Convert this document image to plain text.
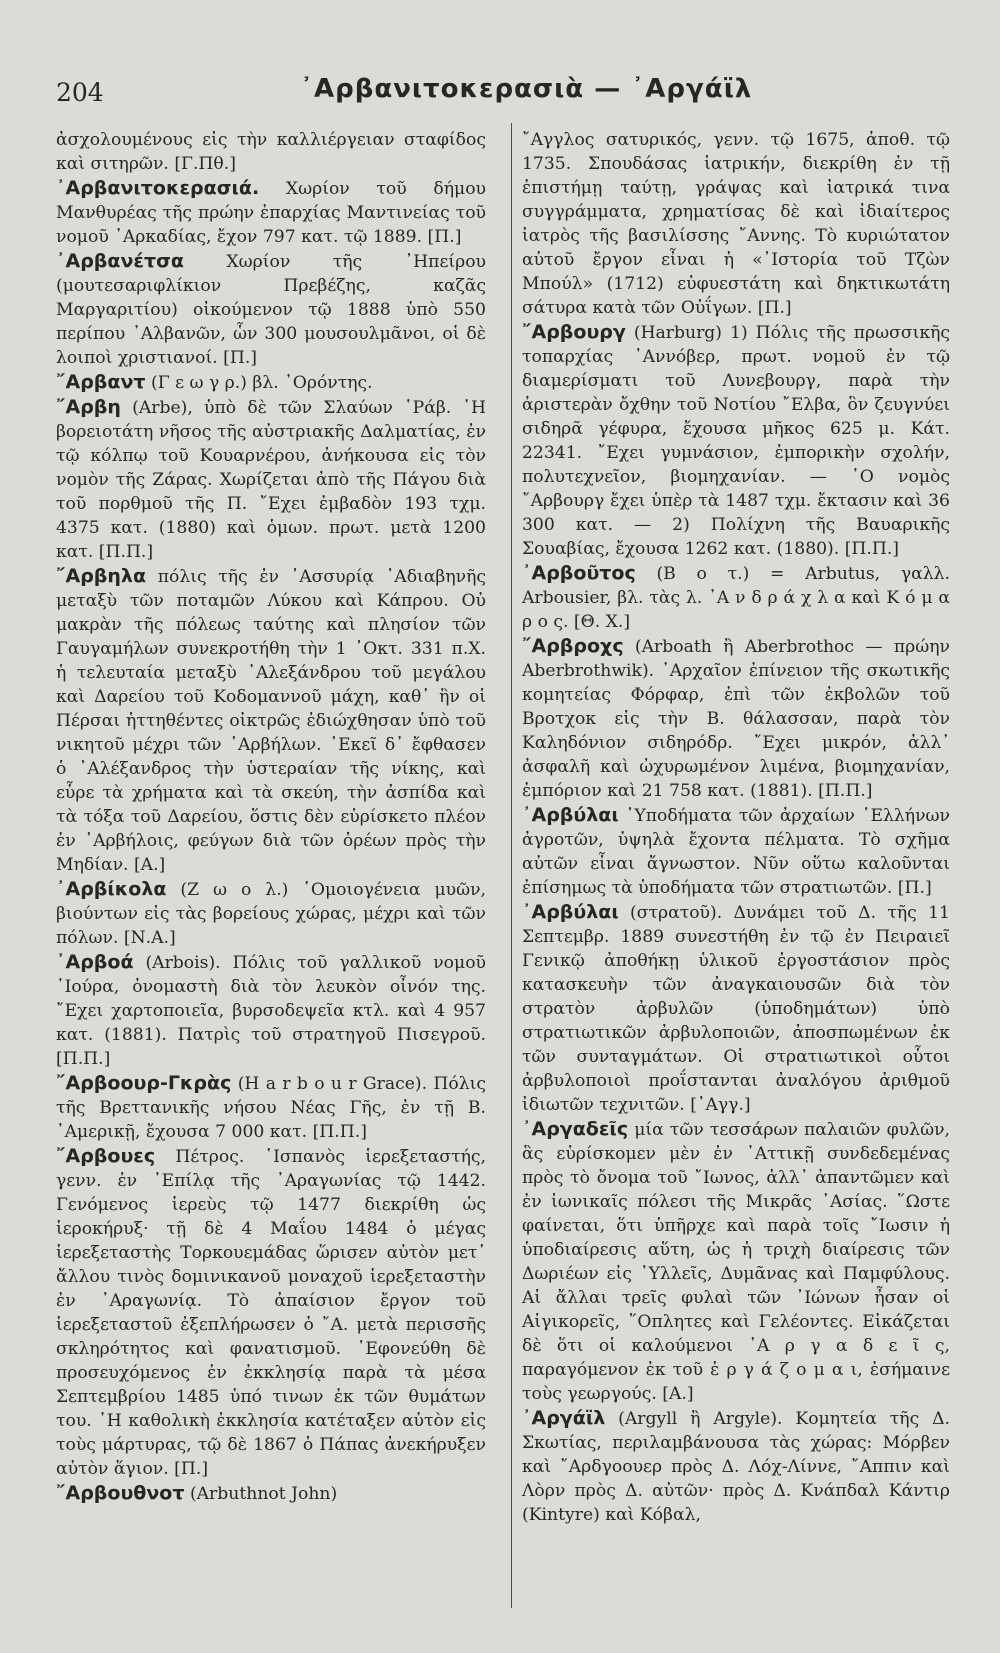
204	᾿Αρβανιτοκερασιὰ — ᾿Αργάϊλ

ἀσχολουμένους εἰς τὴν καλλιέργειαν σταφίδος καὶ σιτηρῶν. [Γ.Πθ.]

᾿Αρβανιτοκερασιά. Χωρίον τοῦ δήμου Μανθυρέας τῆς πρώην ἐπαρχίας Μαντινείας τοῦ νομοῦ ᾿Αρκαδίας, ἔχον 797 κατ. τῷ 1889. [Π.]

᾿Αρβανέτσα Χωρίον τῆς ᾿Ηπείρου (μουτεσαριφλίκιον Πρεβέζης, καζᾶς Μαργαριτίου) οἰκούμενον τῷ 1888 ὑπὸ 550 περίπου ᾿Αλβανῶν, ὧν 300 μουσουλμᾶνοι, οἱ δὲ λοιποὶ χριστιανοί. [Π.]

῎Αρβαντ (Γ ε ω γ ρ.) βλ. ᾿Ορόντης.

῎Αρβη (Arbe), ὑπὸ δὲ τῶν Σλαύων ῾Ράβ. ῾Η βορειοτάτη νῆσος τῆς αὐστριακῆς Δαλματίας, ἐν τῷ κόλπῳ τοῦ Κουαρνέρου, ἀνήκουσα εἰς τὸν νομὸν τῆς Ζάρας. Χωρίζεται ἀπὸ τῆς Πάγου διὰ τοῦ πορθμοῦ τῆς Π. ῎Εχει ἐμβαδὸν 193 τχμ. 4375 κατ. (1880) καὶ ὁμων. πρωτ. μετὰ 1200 κατ. [Π.Π.]

῎Αρβηλα πόλις τῆς ἐν ᾿Ασσυρίᾳ ᾿Αδιαβηνῆς μεταξὺ τῶν ποταμῶν Λύκου καὶ Κάπρου. Οὐ μακρὰν τῆς πόλεως ταύτης καὶ πλησίον τῶν Γαυγαμήλων συνεκροτήθη τὴν 1 ᾿Οκτ. 331 π.Χ. ἡ τελευταία μεταξὺ ᾿Αλεξάνδρου τοῦ μεγάλου καὶ Δαρείου τοῦ Κοδομαννοῦ μάχη, καθ᾿ ἣν οἱ Πέρσαι ἡττηθέντες οἰκτρῶς ἐδιώχθησαν ὑπὸ τοῦ νικητοῦ μέχρι τῶν ᾿Αρβήλων. ᾿Εκεῖ δ᾿ ἔφθασεν ὁ ᾿Αλέξανδρος τὴν ὑστεραίαν τῆς νίκης, καὶ εὗρε τὰ χρήματα καὶ τὰ σκεύη, τὴν ἀσπίδα καὶ τὰ τόξα τοῦ Δαρείου, ὅστις δὲν εὑρίσκετο πλέον ἐν ᾿Αρβήλοις, φεύγων διὰ τῶν ὀρέων πρὸς τὴν Μηδίαν. [Α.]

᾿Αρβίκολα (Ζ ω ο λ.) ῾Ομοιογένεια μυῶν, βιούντων εἰς τὰς βορείους χώρας, μέχρι καὶ τῶν πόλων. [Ν.Α.]

᾿Αρβοά (Arbois). Πόλις τοῦ γαλλικοῦ νομοῦ ᾿Ιούρα, ὀνομαστὴ διὰ τὸν λευκὸν οἶνόν της. ῎Εχει χαρτοποιεῖα, βυρσοδεψεῖα κτλ. καὶ 4 957 κατ. (1881). Πατρὶς τοῦ στρατηγοῦ Πισεγροῦ. [Π.Π.]

῎Αρβοουρ-Γκρὰς (H a r b o u r Grace). Πόλις τῆς Βρεττανικῆς νήσου Νέας Γῆς, ἐν τῇ Β. ᾿Αμερικῇ, ἔχουσα 7 000 κατ. [Π.Π.]

῎Αρβουες Πέτρος. ῾Ισπανὸς ἱερεξεταστής, γενν. ἐν ᾿Επίλᾳ τῆς ᾿Αραγωνίας τῷ 1442. Γενόμενος ἱερεὺς τῷ 1477 διεκρίθη ὡς ἱεροκήρυξ· τῇ δὲ 4 Μαΐου 1484 ὁ μέγας ἱερεξεταστὴς Τορκουεμάδας ὥρισεν αὐτὸν μετ᾿ ἄλλου τινὸς δομινικανοῦ μοναχοῦ ἱερεξεταστὴν ἐν ᾿Αραγωνίᾳ. Τὸ ἀπαίσιον ἔργον τοῦ ἱερεξεταστοῦ ἐξεπλήρωσεν ὁ ῎Α. μετὰ περισσῆς σκληρότητος καὶ φανατισμοῦ. ᾿Εφονεύθη δὲ προσευχόμενος ἐν ἐκκλησίᾳ παρὰ τὰ μέσα Σεπτεμβρίου 1485 ὑπό τινων ἐκ τῶν θυμάτων του. ῾Η καθολικὴ ἐκκλησία κατέταξεν αὐτὸν εἰς τοὺς μάρτυρας, τῷ δὲ 1867 ὁ Πάπας ἀνεκήρυξεν αὐτὸν ἅγιον. [Π.]

῎Αρβουθνοτ (Arbuthnot John)

῎Αγγλος σατυρικός, γενν. τῷ 1675, ἀποθ. τῷ 1735. Σπουδάσας ἰατρικήν, διεκρίθη ἐν τῇ ἐπιστήμῃ ταύτῃ, γράψας καὶ ἰατρικά τινα συγγράμματα, χρηματίσας δὲ καὶ ἰδιαίτερος ἰατρὸς τῆς βασιλίσσης ῎Αννης. Τὸ κυριώτατον αὐτοῦ ἔργον εἶναι ἡ «᾿Ιστορία τοῦ Τζὼν Μπούλ» (1712) εὐφυεστάτη καὶ δηκτικωτάτη σάτυρα κατὰ τῶν Οὐΐγων. [Π.]

῎Αρβουργ (Harburg) 1) Πόλις τῆς πρωσσικῆς τοπαρχίας ῾Αννόβερ, πρωτ. νομοῦ ἐν τῷ διαμερίσματι τοῦ Λυνεβουργ, παρὰ τὴν ἀριστερὰν ὄχθην τοῦ Νοτίου ῎Ελβα, ὃν ζευγνύει σιδηρᾶ γέφυρα, ἔχουσα μῆκος 625 μ. Κάτ. 22341. ῎Εχει γυμνάσιον, ἐμπορικὴν σχολήν, πολυτεχνεῖον, βιομηχανίαν. — ῾Ο νομὸς ῎Αρβουργ ἔχει ὑπὲρ τὰ 1487 τχμ. ἔκτασιν καὶ 36 300 κατ. — 2) Πολίχνη τῆς Βαυαρικῆς Σουαβίας, ἔχουσα 1262 κατ. (1880). [Π.Π.]

᾿Αρβοῦτος (Β ο τ.) = Arbutus, γαλλ. Arbousier, βλ. τὰς λ. ᾿Α ν δ ρ ά χ λ α καὶ Κ ό μ α ρ ο ς. [Θ. Χ.]

῎Αρβροχς (Arboath ἢ Aberbrothoc — πρώην Aberbrothwik). ᾿Αρχαῖον ἐπίνειον τῆς σκωτικῆς κομητείας Φόρφαρ, ἐπὶ τῶν ἐκβολῶν τοῦ Βροτχοκ εἰς τὴν Β. θάλασσαν, παρὰ τὸν Καληδόνιον σιδηρόδρ. ῎Εχει μικρόν, ἀλλ᾿ ἀσφαλῆ καὶ ὠχυρωμένον λιμένα, βιομηχανίαν, ἐμπόριον καὶ 21 758 κατ. (1881). [Π.Π.]

᾿Αρβύλαι ῾Υποδήματα τῶν ἀρχαίων ῾Ελλήνων ἀγροτῶν, ὑψηλὰ ἔχοντα πέλματα. Τὸ σχῆμα αὐτῶν εἶναι ἄγνωστον. Νῦν οὕτω καλοῦνται ἐπίσημως τὰ ὑποδήματα τῶν στρατιωτῶν. [Π.]

᾿Αρβύλαι (στρατοῦ). Δυνάμει τοῦ Δ. τῆς 11 Σεπτεμβρ. 1889 συνεστήθη ἐν τῷ ἐν Πειραιεῖ Γενικῷ ἀποθήκῃ ὑλικοῦ ἐργοστάσιον πρὸς κατασκευὴν τῶν ἀναγκαιουσῶν διὰ τὸν στρατὸν ἀρβυλῶν (ὑποδημάτων) ὑπὸ στρατιωτικῶν ἀρβυλοποιῶν, ἀποσπωμένων ἐκ τῶν συνταγμάτων. Οἱ στρατιωτικοὶ οὗτοι ἀρβυλοποιοὶ προΐστανται ἀναλόγου ἀριθμοῦ ἰδιωτῶν τεχνιτῶν. [᾿Αγγ.]

᾿Αργαδεῖς μία τῶν τεσσάρων παλαιῶν φυλῶν, ἃς εὑρίσκομεν μὲν ἐν ᾿Αττικῇ συνδεδεμένας πρὸς τὸ ὄνομα τοῦ ῎Ιωνος, ἀλλ᾿ ἀπαντῶμεν καὶ ἐν ἰωνικαῖς πόλεσι τῆς Μικρᾶς ᾿Ασίας. ῞Ωστε φαίνεται, ὅτι ὑπῆρχε καὶ παρὰ τοῖς ῎Ιωσιν ἡ ὑποδιαίρεσις αὕτη, ὡς ἡ τριχὴ διαίρεσις τῶν Δωριέων εἰς ῾Υλλεῖς, Δυμᾶνας καὶ Παμφύλους. Αἱ ἄλλαι τρεῖς φυλαὶ τῶν ᾿Ιώνων ἦσαν οἱ Αἰγικορεῖς, ῞Οπλητες καὶ Γελέοντες. Εἰκάζεται δὲ ὅτι οἱ καλούμενοι ᾿Α ρ γ α δ ε ῖ ς, παραγόμενον ἐκ τοῦ ἐ ρ γ ά ζ ο μ α ι, ἐσήμαινε τοὺς γεωργούς. [Α.]

᾿Αργάϊλ (Argyll ἢ Argyle). Κομητεία τῆς Δ. Σκωτίας, περιλαμβάνουσα τὰς χώρας: Μόρβεν καὶ ῎Αρδγοουερ πρὸς Δ. Λόχ-Λίννε, ῎Αππιν καὶ Λὸρν πρὸς Δ. αὐτῶν· πρὸς Δ. Κνάπδαλ Κάντιρ (Kintyre) καὶ Κόβαλ,
